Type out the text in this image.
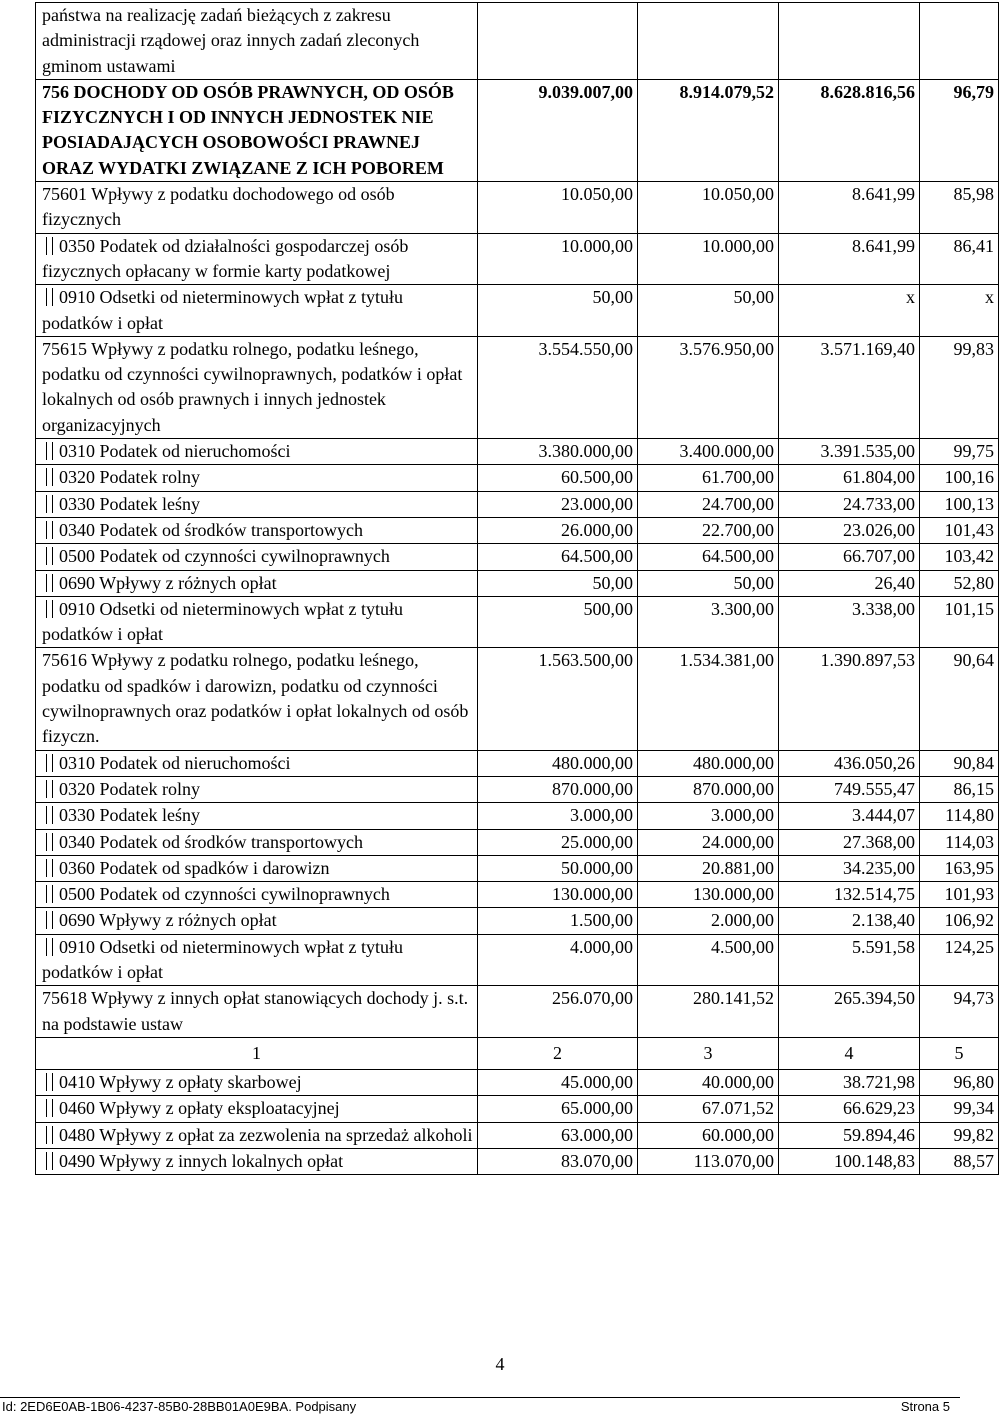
państwa na realizację zadań bieżących z zakresu administracji rządowej oraz innych zadań zleconych gminom ustawami				
756 DOCHODY OD OSÓB PRAWNYCH, OD OSÓB FIZYCZNYCH I OD INNYCH JEDNOSTEK NIE POSIADAJĄCYCH OSOBOWOŚCI PRAWNEJ ORAZ WYDATKI ZWIĄZANE Z ICH POBOREM	9.039.007,00	8.914.079,52	8.628.816,56	96,79
75601 Wpływy z podatku dochodowego od osób fizycznych	10.050,00	10.050,00	8.641,99	85,98
0350 Podatek od działalności gospodarczej osób fizycznych opłacany w formie karty podatkowej	10.000,00	10.000,00	8.641,99	86,41
0910 Odsetki od nieterminowych wpłat z tytułu podatków i opłat	50,00	50,00	x	x
75615 Wpływy z podatku rolnego, podatku leśnego, podatku od czynności cywilnoprawnych, podatków i opłat lokalnych od osób prawnych i innych jednostek organizacyjnych	3.554.550,00	3.576.950,00	3.571.169,40	99,83
0310 Podatek od nieruchomości	3.380.000,00	3.400.000,00	3.391.535,00	99,75
0320 Podatek rolny	60.500,00	61.700,00	61.804,00	100,16
0330 Podatek leśny	23.000,00	24.700,00	24.733,00	100,13
0340 Podatek od środków transportowych	26.000,00	22.700,00	23.026,00	101,43
0500 Podatek od czynności cywilnoprawnych	64.500,00	64.500,00	66.707,00	103,42
0690 Wpływy z różnych opłat	50,00	50,00	26,40	52,80
0910 Odsetki od nieterminowych wpłat z tytułu podatków i opłat	500,00	3.300,00	3.338,00	101,15
75616 Wpływy z podatku rolnego, podatku leśnego, podatku od spadków i darowizn, podatku od czynności cywilnoprawnych oraz podatków i opłat lokalnych od osób fizyczn.	1.563.500,00	1.534.381,00	1.390.897,53	90,64
0310 Podatek od nieruchomości	480.000,00	480.000,00	436.050,26	90,84
0320 Podatek rolny	870.000,00	870.000,00	749.555,47	86,15
0330 Podatek leśny	3.000,00	3.000,00	3.444,07	114,80
0340 Podatek od środków transportowych	25.000,00	24.000,00	27.368,00	114,03
0360 Podatek od spadków i darowizn	50.000,00	20.881,00	34.235,00	163,95
0500 Podatek od czynności cywilnoprawnych	130.000,00	130.000,00	132.514,75	101,93
0690 Wpływy z różnych opłat	1.500,00	2.000,00	2.138,40	106,92
0910 Odsetki od nieterminowych wpłat z tytułu podatków i opłat	4.000,00	4.500,00	5.591,58	124,25
75618 Wpływy z innych opłat stanowiących dochody j. s.t. na podstawie ustaw	256.070,00	280.141,52	265.394,50	94,73
1	2	3	4	5
0410 Wpływy z opłaty skarbowej	45.000,00	40.000,00	38.721,98	96,80
0460 Wpływy z opłaty eksploatacyjnej	65.000,00	67.071,52	66.629,23	99,34
0480 Wpływy z opłat za zezwolenia na sprzedaż alkoholi	63.000,00	60.000,00	59.894,46	99,82
0490 Wpływy z innych lokalnych opłat	83.070,00	113.070,00	100.148,83	88,57
4
Id: 2ED6E0AB-1B06-4237-85B0-28BB01A0E9BA. Podpisany	Strona 5
